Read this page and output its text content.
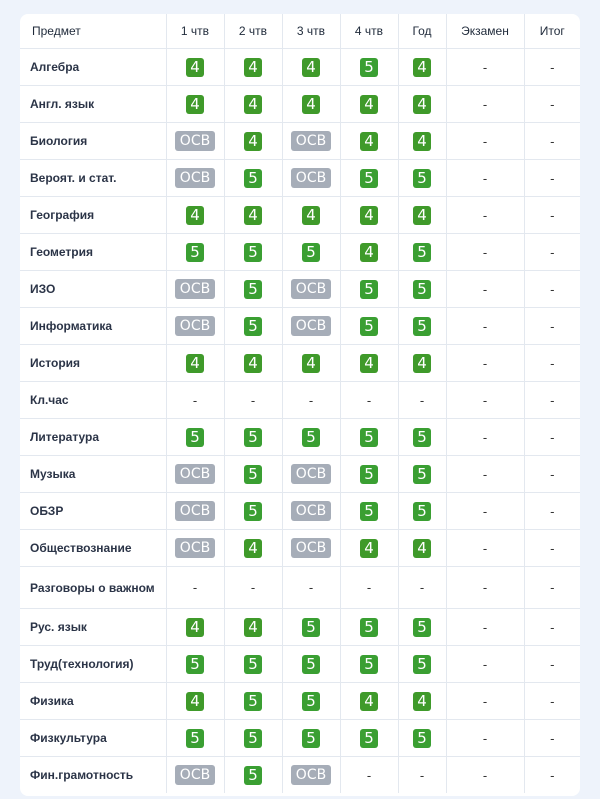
Предмет	1 чтв	2 чтв	3 чтв	4 чтв	Год	Экзамен	Итог
Алгебра	4	4	4	5	4	-	-
Англ. язык	4	4	4	4	4	-	-
Биология	ОСВ	4	ОСВ	4	4	-	-
Вероят. и стат.	ОСВ	5	ОСВ	5	5	-	-
География	4	4	4	4	4	-	-
Геометрия	5	5	5	4	5	-	-
ИЗО	ОСВ	5	ОСВ	5	5	-	-
Информатика	ОСВ	5	ОСВ	5	5	-	-
История	4	4	4	4	4	-	-
Кл.час	-	-	-	-	-	-	-
Литература	5	5	5	5	5	-	-
Музыка	ОСВ	5	ОСВ	5	5	-	-
ОБЗР	ОСВ	5	ОСВ	5	5	-	-
Обществознание	ОСВ	4	ОСВ	4	4	-	-
Разговоры о важном	-	-	-	-	-	-	-
Рус. язык	4	4	5	5	5	-	-
Труд(технология)	5	5	5	5	5	-	-
Физика	4	5	5	4	4	-	-
Физкультура	5	5	5	5	5	-	-
Фин.грамотность	ОСВ	5	ОСВ	-	-	-	-
